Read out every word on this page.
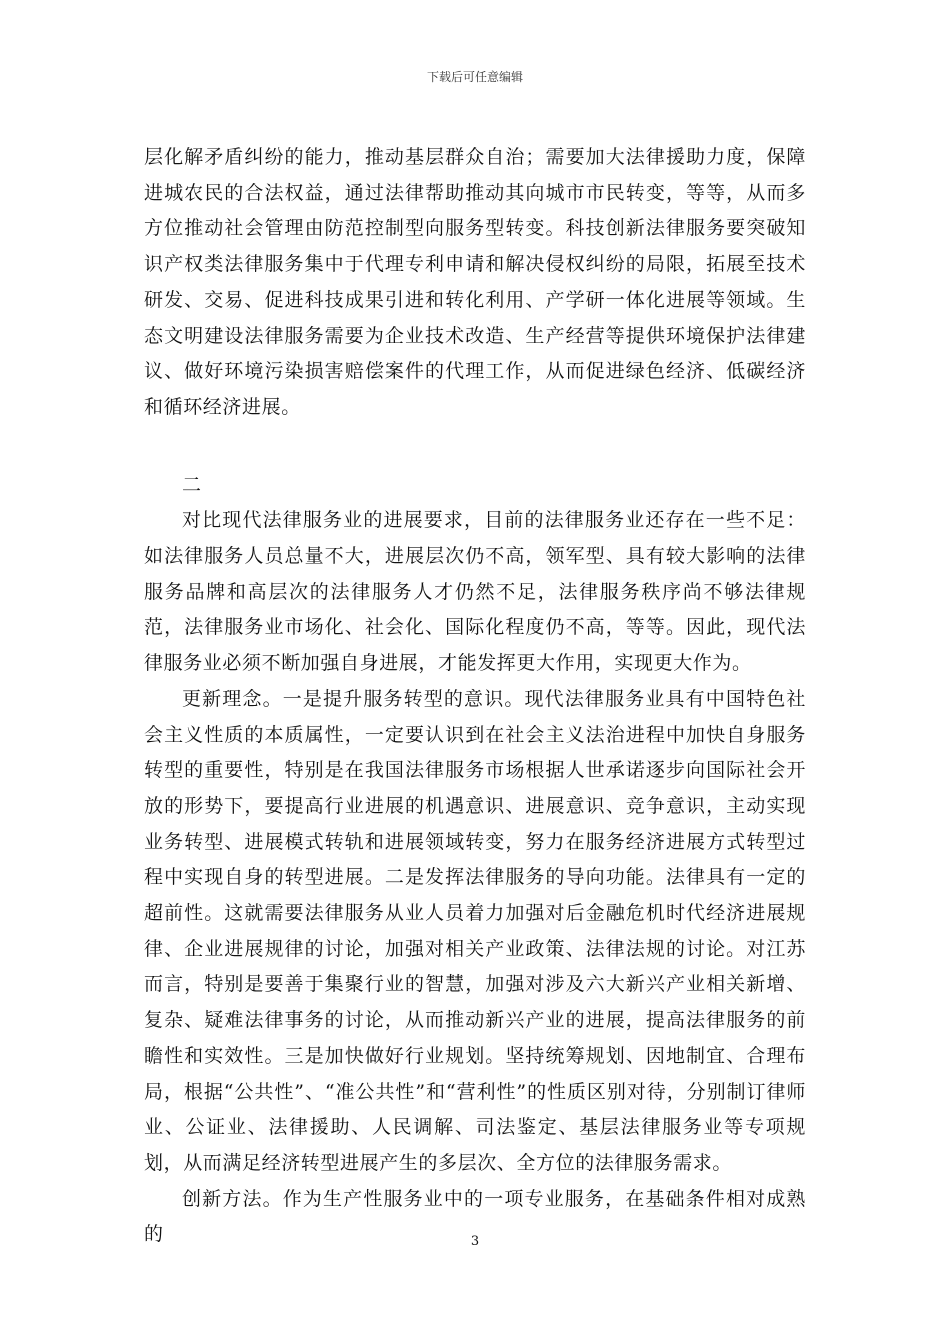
下载后可任意编辑

层化解矛盾纠纷的能力，推动基层群众自治；需要加大法律援助力度，保障进城农民的合法权益，通过法律帮助推动其向城市市民转变，等等，从而多方位推动社会管理由防范控制型向服务型转变。科技创新法律服务要突破知识产权类法律服务集中于代理专利申请和解决侵权纠纷的局限，拓展至技术研发、交易、促进科技成果引进和转化利用、产学研一体化进展等领域。生态文明建设法律服务需要为企业技术改造、生产经营等提供环境保护法律建议、做好环境污染损害赔偿案件的代理工作，从而促进绿色经济、低碳经济和循环经济进展。

二

对比现代法律服务业的进展要求，目前的法律服务业还存在一些不足：如法律服务人员总量不大，进展层次仍不高，领军型、具有较大影响的法律服务品牌和高层次的法律服务人才仍然不足，法律服务秩序尚不够法律规范，法律服务业市场化、社会化、国际化程度仍不高，等等。因此，现代法律服务业必须不断加强自身进展，才能发挥更大作用，实现更大作为。

更新理念。一是提升服务转型的意识。现代法律服务业具有中国特色社会主义性质的本质属性，一定要认识到在社会主义法治进程中加快自身服务转型的重要性，特别是在我国法律服务市场根据人世承诺逐步向国际社会开放的形势下，要提高行业进展的机遇意识、进展意识、竞争意识，主动实现业务转型、进展模式转轨和进展领域转变，努力在服务经济进展方式转型过程中实现自身的转型进展。二是发挥法律服务的导向功能。法律具有一定的超前性。这就需要法律服务从业人员着力加强对后金融危机时代经济进展规律、企业进展规律的讨论，加强对相关产业政策、法律法规的讨论。对江苏而言，特别是要善于集聚行业的智慧，加强对涉及六大新兴产业相关新增、复杂、疑难法律事务的讨论，从而推动新兴产业的进展，提高法律服务的前瞻性和实效性。三是加快做好行业规划。坚持统筹规划、因地制宜、合理布局，根据“公共性”、“准公共性”和“营利性”的性质区别对待，分别制订律师业、公证业、法律援助、人民调解、司法鉴定、基层法律服务业等专项规划，从而满足经济转型进展产生的多层次、全方位的法律服务需求。

创新方法。作为生产性服务业中的一项专业服务，在基础条件相对成熟的	3
